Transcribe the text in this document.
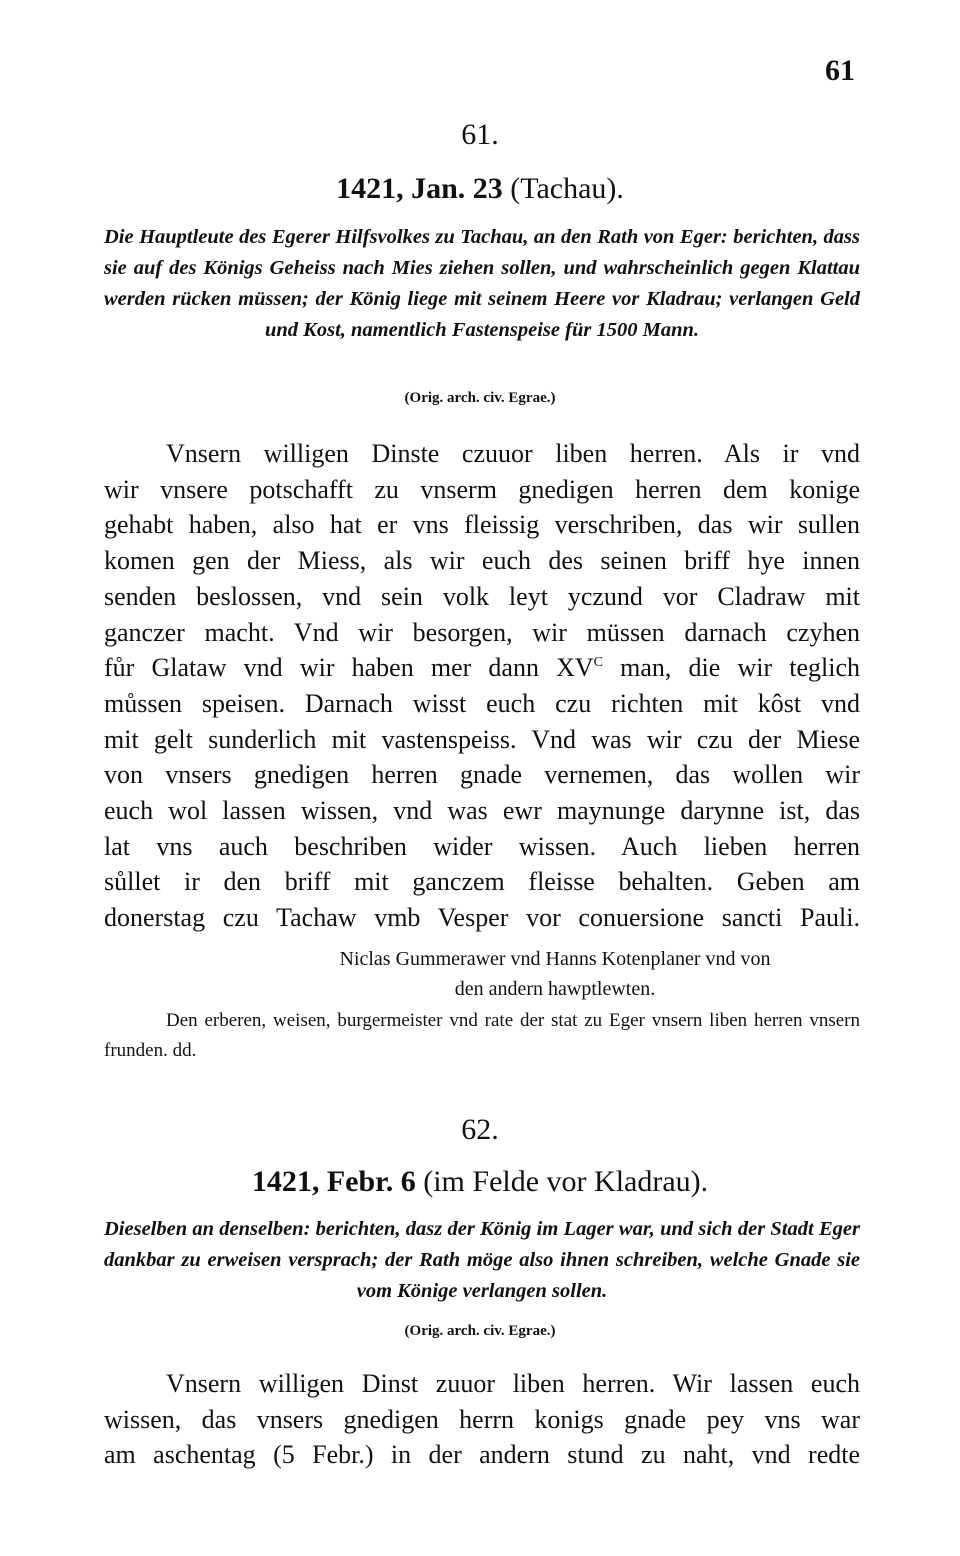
61
61.
1421, Jan. 23 (Tachau).

Die Hauptleute des Egerer Hilfsvolkes zu Tachau, an den Rath von Eger: berichten, dass sie auf des Königs Geheiss nach Mies ziehen sollen, und wahrscheinlich gegen Klattau werden rücken müssen; der König liege mit seinem Heere vor Kladrau; verlangen Geld und Kost, namentlich Fastenspeise für 1500 Mann.

(Orig. arch. civ. Egrae.)
Vnsern willigen Dinste czuuor liben herren. Als ir vnd
wir vnsere potschafft zu vnserm gnedigen herren dem konige
gehabt haben, also hat er vns fleissig verschriben, das wir sullen
komen gen der Miess, als wir euch des seinen briff hye innen
senden beslossen, vnd sein volk leyt yczund vor Cladraw mit
ganczer macht. Vnd wir besorgen, wir müssen darnach czyhen
fůr Glataw vnd wir haben mer dann $XV^C$ man, die wir teglich
můssen speisen. Darnach wisst euch czu richten mit kôst vnd
mit gelt sunderlich mit vastenspeiss. Vnd was wir czu der Miese
von vnsers gnedigen herren gnade vernemen, das wollen wir
euch wol lassen wissen, vnd was ewr maynunge darynne ist, das
lat vns auch beschriben wider wissen. Auch lieben herren
sůllet ir den briff mit ganczem fleisse behalten. Geben am
donerstag czu Tachaw vmb Vesper vor conuersione sancti Pauli.
Niclas Gummerawer vnd Hanns Kotenplaner vnd von
den andern hawptlewten.

Den erberen, weisen, burgermeister vnd rate der stat zu Eger vnsern liben herren vnsern frunden. dd.

62.
1421, Febr. 6 (im Felde vor Kladrau).

Dieselben an denselben: berichten, dasz der König im Lager war, und sich der Stadt Eger dankbar zu erweisen versprach; der Rath möge also ihnen schreiben, welche Gnade sie vom Könige verlangen sollen.

(Orig. arch. civ. Egrae.)
Vnsern willigen Dinst zuuor liben herren. Wir lassen euch
wissen, das vnsers gnedigen herrn konigs gnade pey vns war
am aschentag (5 Febr.) in der andern stund zu naht, vnd redte
